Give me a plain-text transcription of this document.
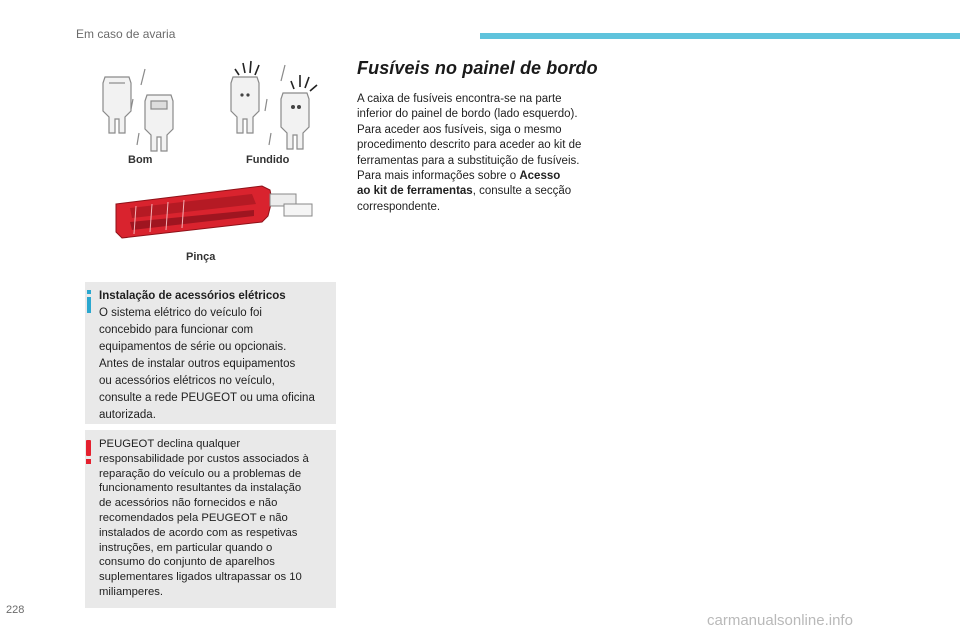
Em caso de avaria
Bom	Fundido
Pinça
Instalação de acessórios elétricos
O sistema elétrico do veículo foi
concebido para funcionar com
equipamentos de série ou opcionais.
Antes de instalar outros equipamentos
ou acessórios elétricos no veículo,
consulte a rede PEUGEOT ou uma oficina
autorizada.
PEUGEOT declina qualquer
responsabilidade por custos associados à
reparação do veículo ou a problemas de
funcionamento resultantes da instalação
de acessórios não fornecidos e não
recomendados pela PEUGEOT e não
instalados de acordo com as respetivas
instruções, em particular quando o
consumo do conjunto de aparelhos
suplementares ligados ultrapassar os 10
miliamperes.
Fusíveis no painel de bordo
A caixa de fusíveis encontra-se na parte
inferior do painel de bordo (lado esquerdo).
Para aceder aos fusíveis, siga o mesmo
procedimento descrito para aceder ao kit de
ferramentas para a substituição de fusíveis.
Para mais informações sobre o Acesso
ao kit de ferramentas, consulte a secção
correspondente.
228
carmanualsonline.info
